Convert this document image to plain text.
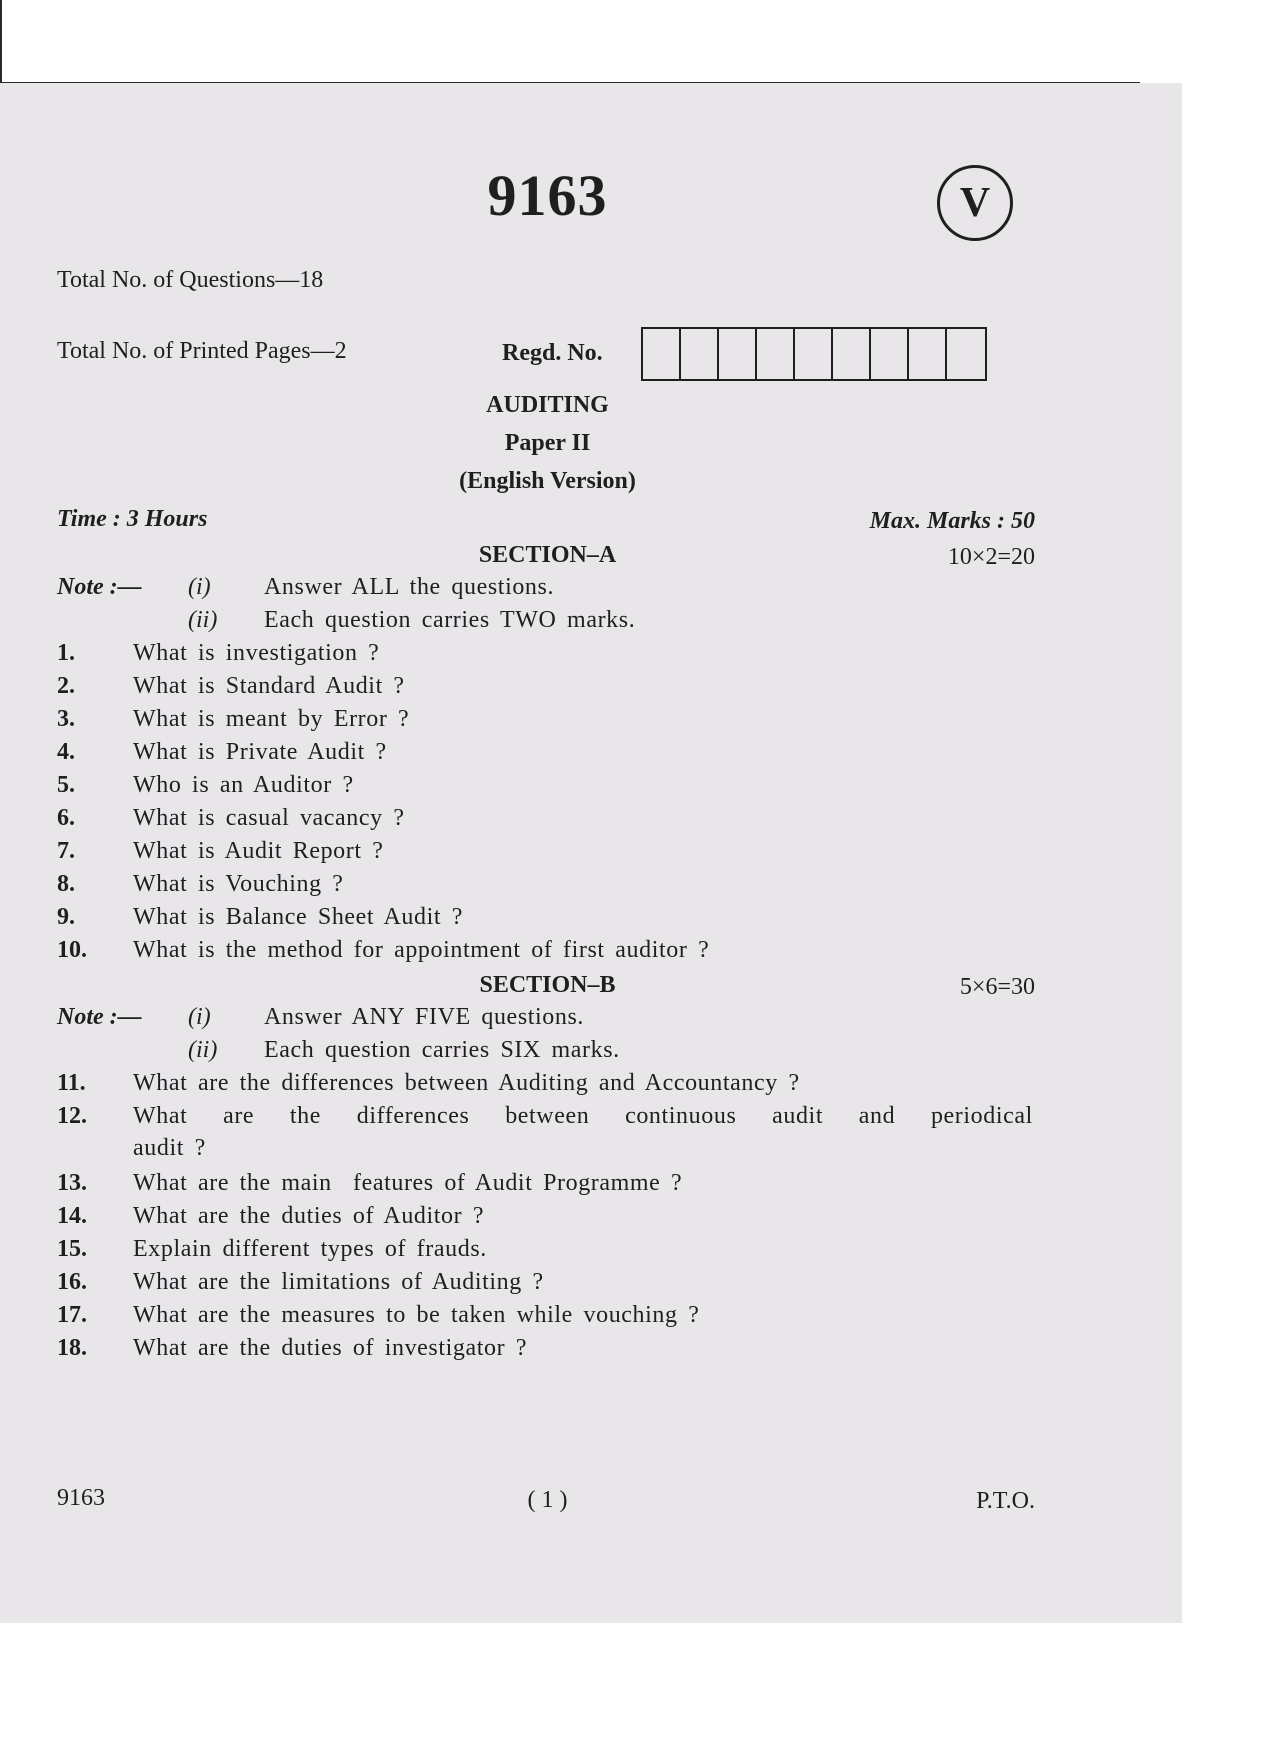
9163	V
Total No. of Questions—18
Total No. of Printed Pages—2	Regd. No.
AUDITING
Paper II
(English Version)
Time : 3 Hours	Max. Marks : 50
SECTION–A	10×2=20
Note :— (i) Answer ALL the questions.
(ii) Each question carries TWO marks.
1. What is investigation ?
2. What is Standard Audit ?
3. What is meant by Error ?
4. What is Private Audit ?
5. Who is an Auditor ?
6. What is casual vacancy ?
7. What is Audit Report ?
8. What is Vouching ?
9. What is Balance Sheet Audit ?
10. What is the method for appointment of first auditor ?
SECTION–B	5×6=30
Note :— (i) Answer ANY FIVE questions.
(ii) Each question carries SIX marks.
11. What are the differences between Auditing and Accountancy ?
12. What are the differences between continuous audit and periodical
audit ?
13. What are the main  features of Audit Programme ?
14. What are the duties of Auditor ?
15. Explain different types of frauds.
16. What are the limitations of Auditing ?
17. What are the measures to be taken while vouching ?
18. What are the duties of investigator ?
9163	( 1 )	P.T.O.
